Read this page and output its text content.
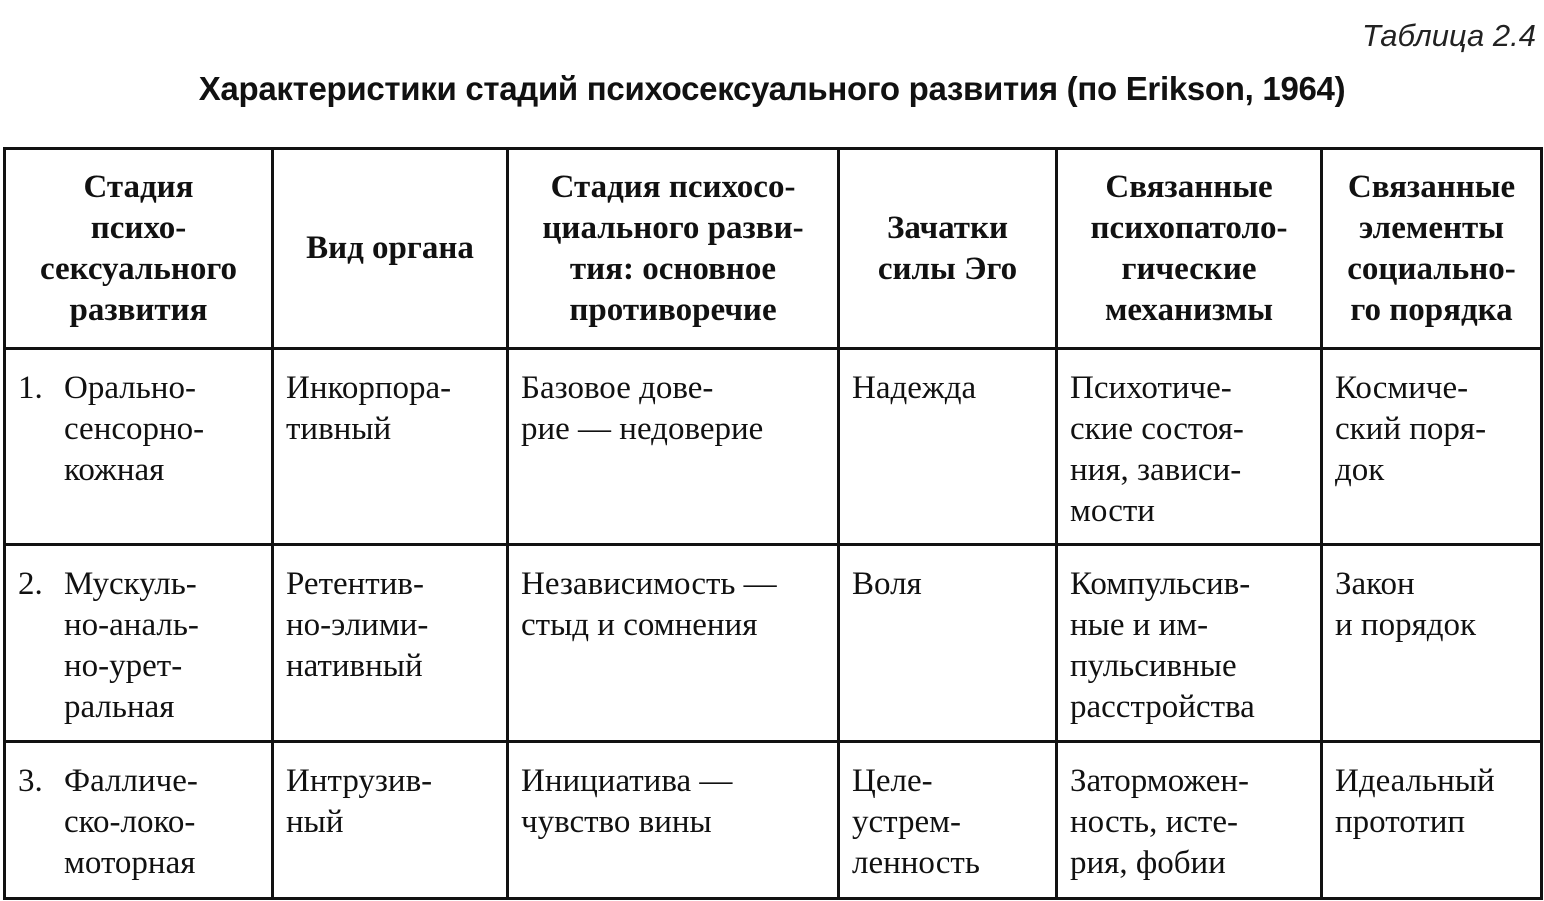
Таблица 2.4
Характеристики стадий психосексуального развития (по Erikson, 1964)
Стадия
психо-
сексуального
развития	Вид органа	Стадия психосо-
циального разви-
тия: основное
противоречие	Зачатки
силы Эго	Связанные
психопатоло-
гические
механизмы	Связанные
элементы
социально-
го порядка

1. Орально-
сенсорно-
кожная	Инкорпора-
тивный	Базовое дове-
рие — недоверие	Надежда	Психотиче-
ские состоя-
ния, зависи-
мости	Космиче-
ский поря-
док

2. Мускуль-
но-аналь-
но-урет-
ральная	Ретентив-
но-элими-
нативный	Независимость —
стыд и сомнения	Воля	Компульсив-
ные и им-
пульсивные
расстройства	Закон
и порядок

3. Фалличе-
ско-локо-
моторная	Интрузив-
ный	Инициатива —
чувство вины	Целе-
устрем-
ленность	Заторможен-
ность, исте-
рия, фобии	Идеальный
прототип
